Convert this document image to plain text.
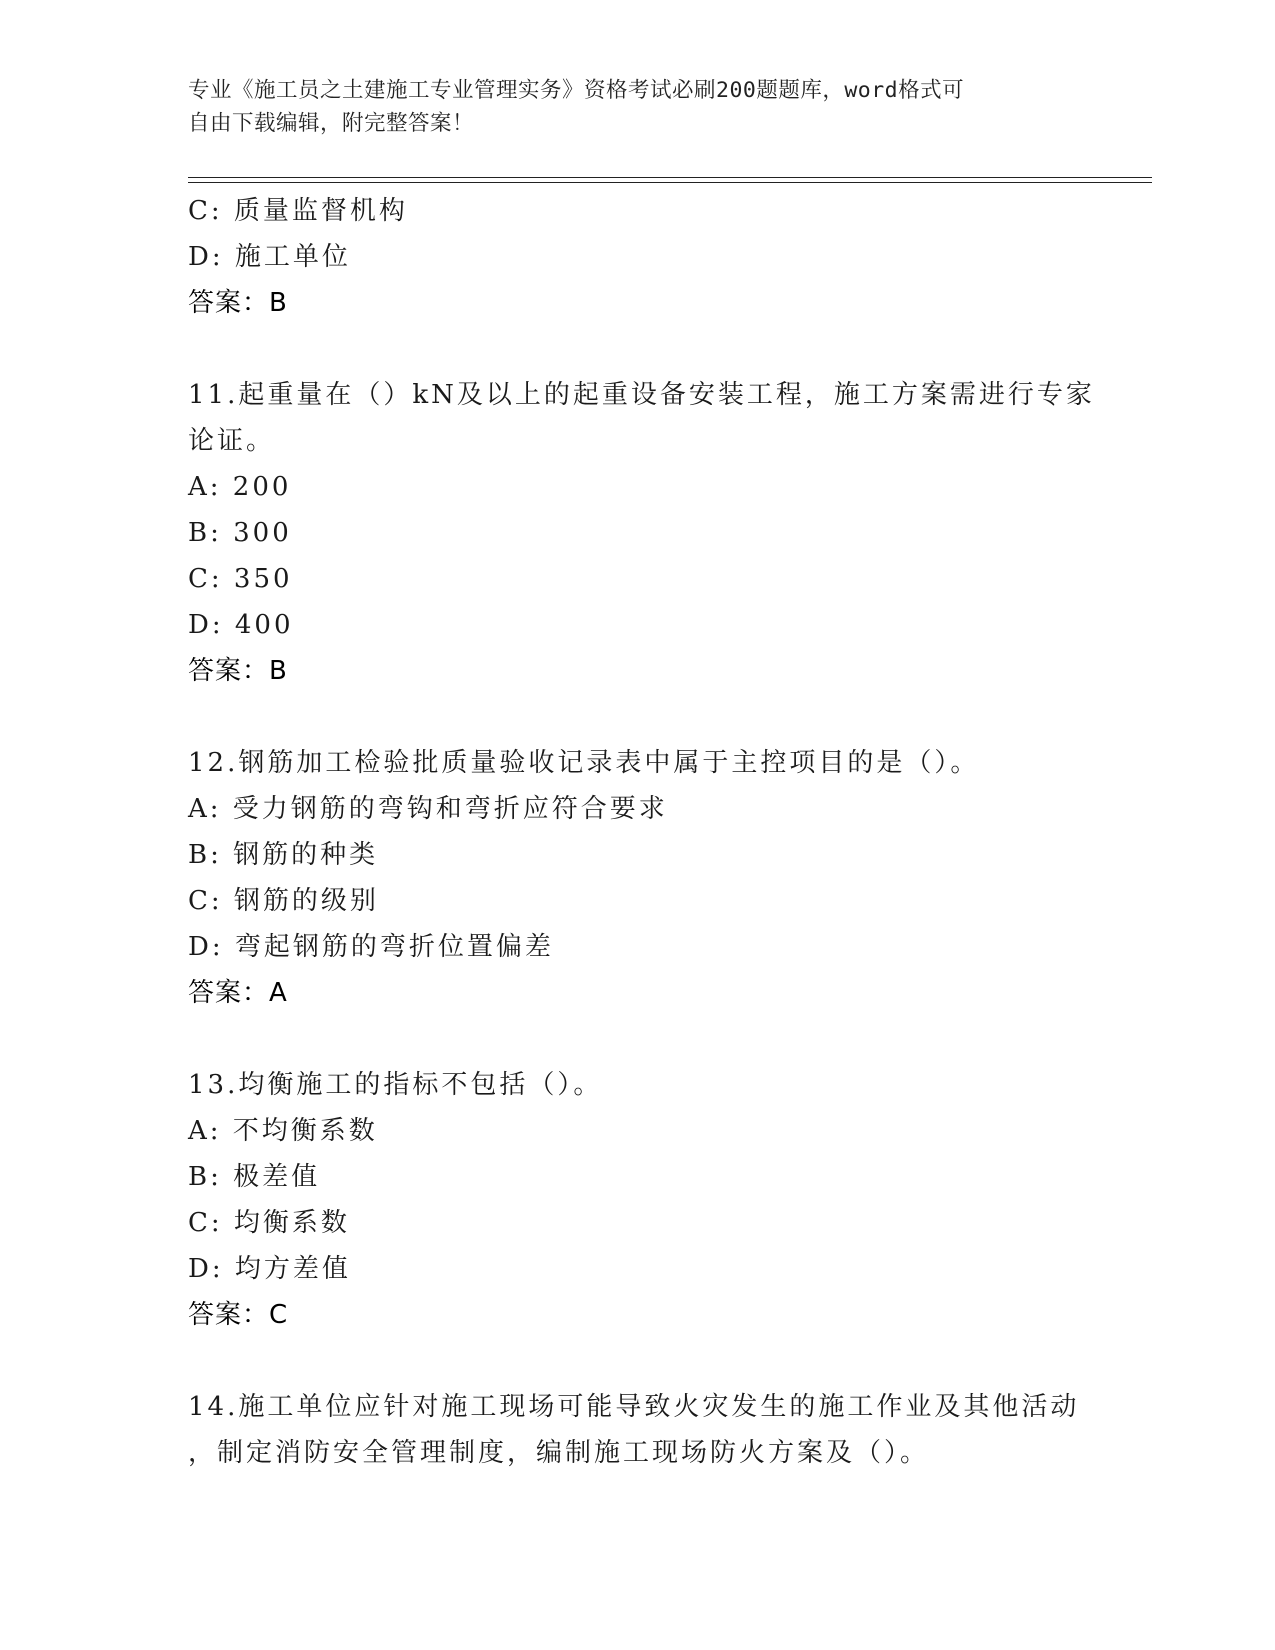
专业《施工员之土建施工专业管理实务》资格考试必刷200题题库，word格式可
自由下载编辑，附完整答案！
C: 质量监督机构
D: 施工单位
答案：B
11.起重量在（）kN及以上的起重设备安装工程，施工方案需进行专家
论证。
A: 200
B: 300
C: 350
D: 400
答案：B
12.钢筋加工检验批质量验收记录表中属于主控项目的是（）。
A: 受力钢筋的弯钩和弯折应符合要求
B: 钢筋的种类
C: 钢筋的级别
D: 弯起钢筋的弯折位置偏差
答案：A
13.均衡施工的指标不包括（）。
A: 不均衡系数
B: 极差值
C: 均衡系数
D: 均方差值
答案：C
14.施工单位应针对施工现场可能导致火灾发生的施工作业及其他活动
，制定消防安全管理制度，编制施工现场防火方案及（）。
